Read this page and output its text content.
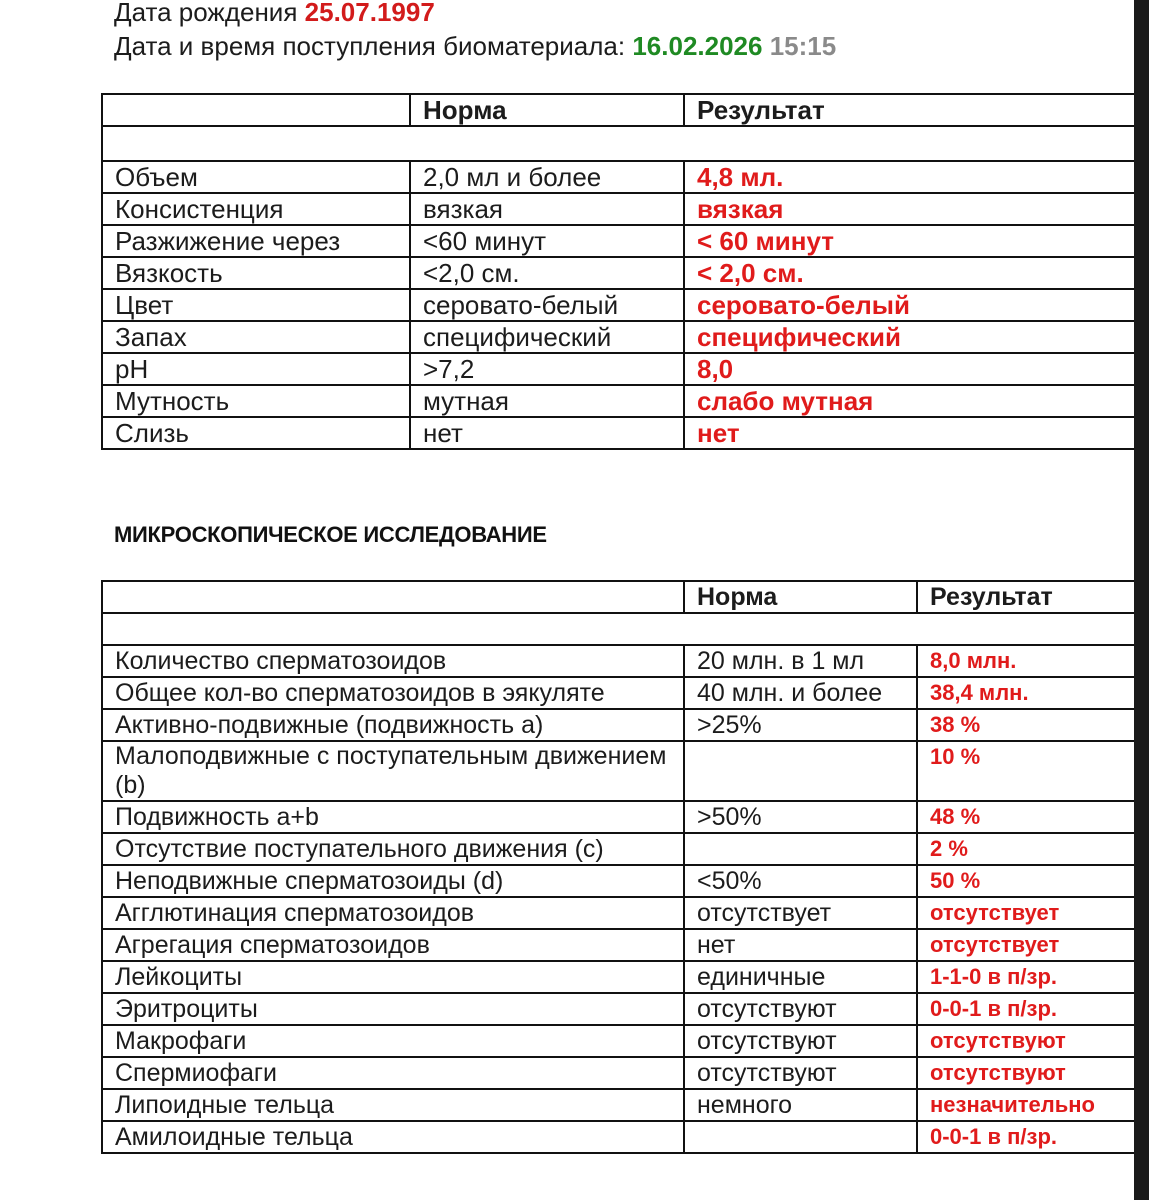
Дата рождения 25.07.1997
Дата и время поступления биоматериала: 16.02.2026 15:15
	Норма	Результат

Объем	2,0 мл и более	4,8 мл.
Консистенция	вязкая	вязкая
Разжижение через	<60 минут	< 60 минут
Вязкость	<2,0 см.	< 2,0 см.
Цвет	серовато-белый	серовато-белый
Запах	специфический	специфический
pH	>7,2	8,0
Мутность	мутная	слабо мутная
Слизь	нет	нет
МИКРОСКОПИЧЕСКОЕ ИССЛЕДОВАНИЕ
	Норма	Результат

Количество сперматозоидов	20 млн. в 1 мл	8,0 млн.
Общее кол-во сперматозоидов в эякуляте	40 млн. и более	38,4 млн.
Активно-подвижные (подвижность а)	>25%	38 %
Малоподвижные с поступательным движением (b)		10 %
Подвижность а+b	>50%	48 %
Отсутствие поступательного движения (с)		2 %
Неподвижные сперматозоиды (d)	<50%	50 %
Агглютинация сперматозоидов	отсутствует	отсутствует
Агрегация сперматозоидов	нет	отсутствует
Лейкоциты	единичные	1-1-0 в п/зр.
Эритроциты	отсутствуют	0-0-1 в п/зр.
Макрофаги	отсутствуют	отсутствуют
Спермиофаги	отсутствуют	отсутствуют
Липоидные тельца	немного	незначительно
Амилоидные тельца		0-0-1 в п/зр.
